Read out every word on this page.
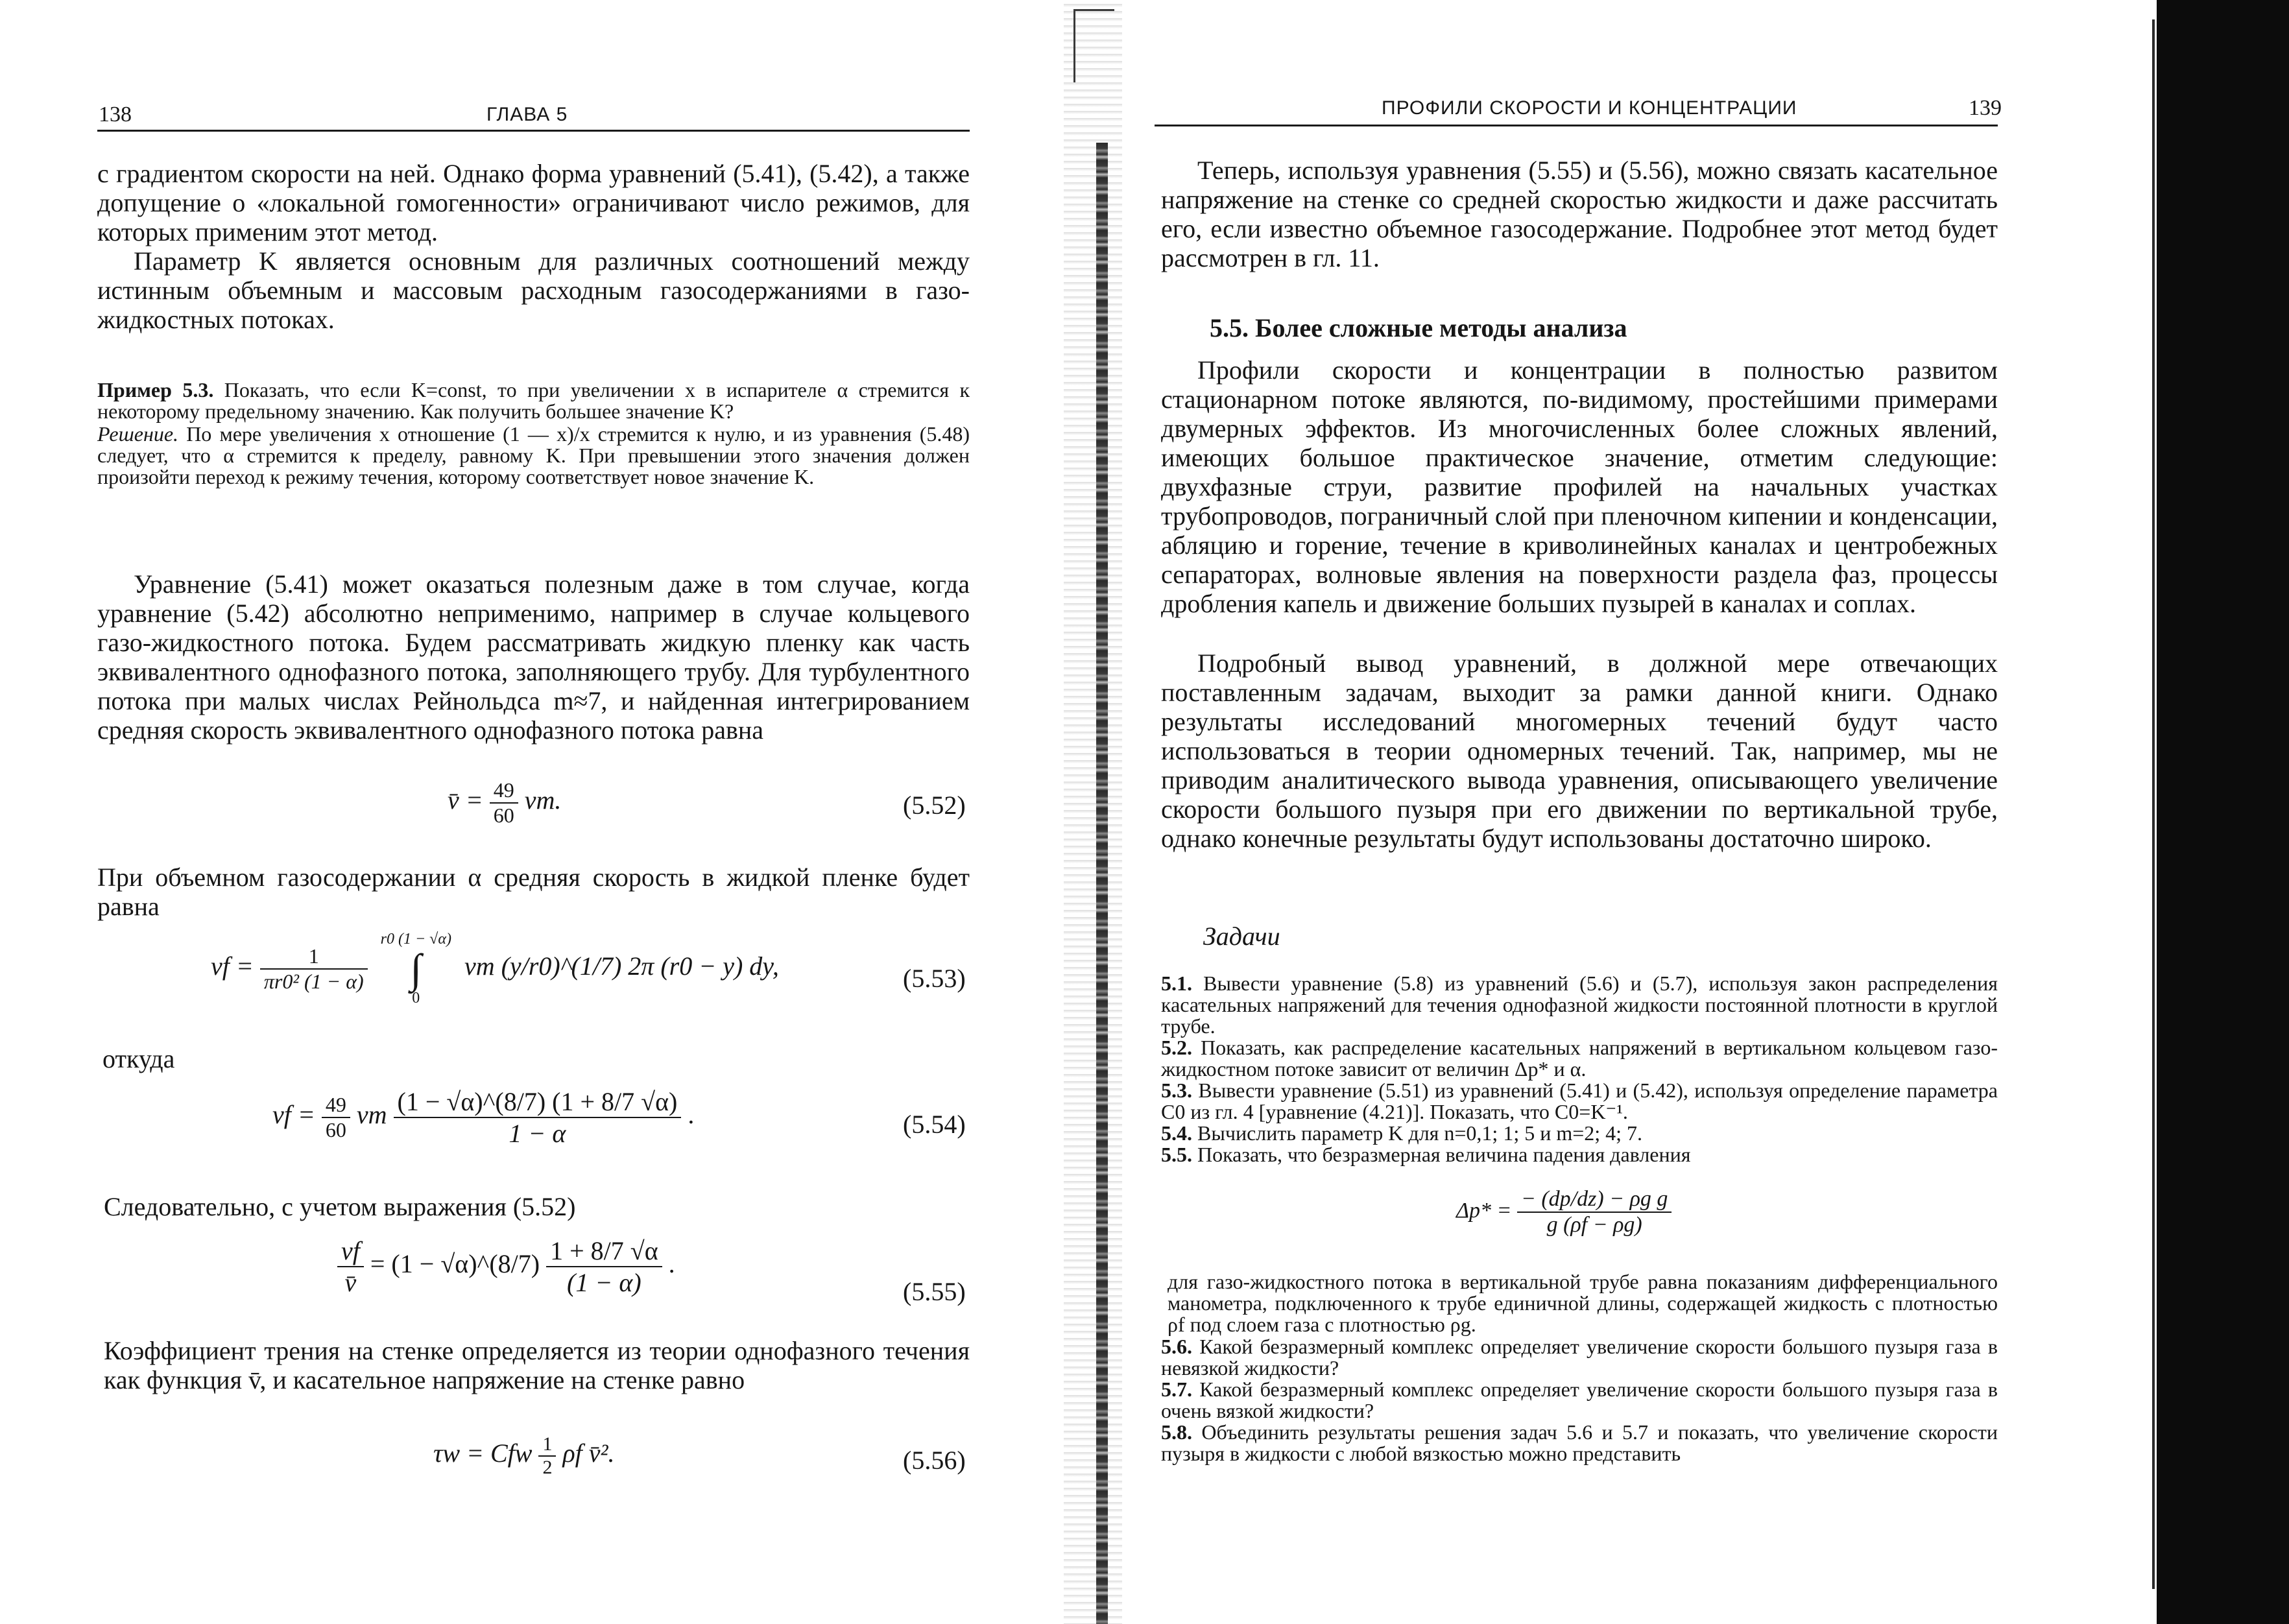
138	ГЛАВА 5
с градиентом скорости на ней. Однако форма уравнений (5.41), (5.42), а также допущение о «локальной гомогенности» ограничивают число режимов, для которых применим этот метод.
Параметр K является основным для различных соотношений между истинным объемным и массовым расходным газосодержаниями в газо-жидкостных потоках.
Пример 5.3. Показать, что если K=const, то при увеличении x в испарителе α стремится к некоторому предельному значению. Как получить большее значение K?
Решение. По мере увеличения x отношение (1 — x)/x стремится к нулю, и из уравнения (5.48) следует, что α стремится к пределу, равному K. При превышении этого значения должен произойти переход к режиму течения, которому соответствует новое значение K.
Уравнение (5.41) может оказаться полезным даже в том случае, когда уравнение (5.42) абсолютно неприменимо, например в случае кольцевого газо-жидкостного потока. Будем рассматривать жидкую пленку как часть эквивалентного однофазного потока, заполняющего трубу. Для турбулентного потока при малых числах Рейнольдса m≈7, и найденная интегрированием средняя скорость эквивалентного однофазного потока равна
v̄ = $\frac{49}{60}$ vm.	(5.52)
При объемном газосодержании α средняя скорость в жидкой пленке будет равна
vf = $\frac{1}{\text{πr0² (1 − α)}}$

r0 (1 − √α)
∫
0
vm (y/r0)^(1/7) 2π (r0 − y) dy,	(5.53)
откуда
vf = $\frac{49}{60}$ vm $\frac{(1 - √\alpha)\^{}(8/7) (1 + 8/7 √\alpha)}{1 - \alpha}$ .	(5.54)
Следовательно, с учетом выражения (5.52)
$\frac{vf}{v̄} = (1$ − √α)^(8/7) $\frac{1 + 8/7 √\alpha}{(1 - \alpha)}$ .
(5.55)
Коэффициент трения на стенке определяется из теории однофазного течения как функция v̄, и касательное напряжение на стенке равно
τw = Cfw $\frac{1}{2}$ ρf v̄².	(5.56)
ПРОФИЛИ СКОРОСТИ И КОНЦЕНТРАЦИИ	139
Теперь, используя уравнения (5.55) и (5.56), можно связать касательное напряжение на стенке со средней скоростью жидкости и даже рассчитать его, если известно объемное газосодержание. Подробнее этот метод будет рассмотрен в гл. 11.
5.5. Более сложные методы анализа
Профили скорости и концентрации в полностью развитом стационарном потоке являются, по-видимому, простейшими примерами двумерных эффектов. Из многочисленных более сложных явлений, имеющих большое практическое значение, отметим следующие: двухфазные струи, развитие профилей на начальных участках трубопроводов, пограничный слой при пленочном кипении и конденсации, абляцию и горение, течение в криволинейных каналах и центробежных сепараторах, волновые явления на поверхности раздела фаз, процессы дробления капель и движение больших пузырей в каналах и соплах.
Подробный вывод уравнений, в должной мере отвечающих поставленным задачам, выходит за рамки данной книги. Однако результаты исследований многомерных течений будут часто использоваться в теории одномерных течений. Так, например, мы не приводим аналитического вывода уравнения, описывающего увеличение скорости большого пузыря при его движении по вертикальной трубе, однако конечные результаты будут использованы достаточно широко.
Задачи
5.1. Вывести уравнение (5.8) из уравнений (5.6) и (5.7), используя закон распределения касательных напряжений для течения однофазной жидкости постоянной плотности в круглой трубе.
5.2. Показать, как распределение касательных напряжений в вертикальном кольцевом газо-жидкостном потоке зависит от величин Δp* и α.
5.3. Вывести уравнение (5.51) из уравнений (5.41) и (5.42), используя определение параметра C0 из гл. 4 [уравнение (4.21)]. Показать, что C0=K⁻¹.
5.4. Вычислить параметр K для n=0,1; 1; 5 и m=2; 4; 7.
5.5. Показать, что безразмерная величина падения давления
$\Delta p* = \frac{\text{− (dp/dz) − ρg g}}{g (\rho f - \rho g)}$
для газо-жидкостного потока в вертикальной трубе равна показаниям дифференциального манометра, подключенного к трубе единичной длины, содержащей жидкость с плотностью ρf под слоем газа с плотностью ρg.
5.6. Какой безразмерный комплекс определяет увеличение скорости большого пузыря газа в невязкой жидкости?
5.7. Какой безразмерный комплекс определяет увеличение скорости большого пузыря газа в очень вязкой жидкости?
5.8. Объединить результаты решения задач 5.6 и 5.7 и показать, что увеличение скорости пузыря в жидкости с любой вязкостью можно представить
